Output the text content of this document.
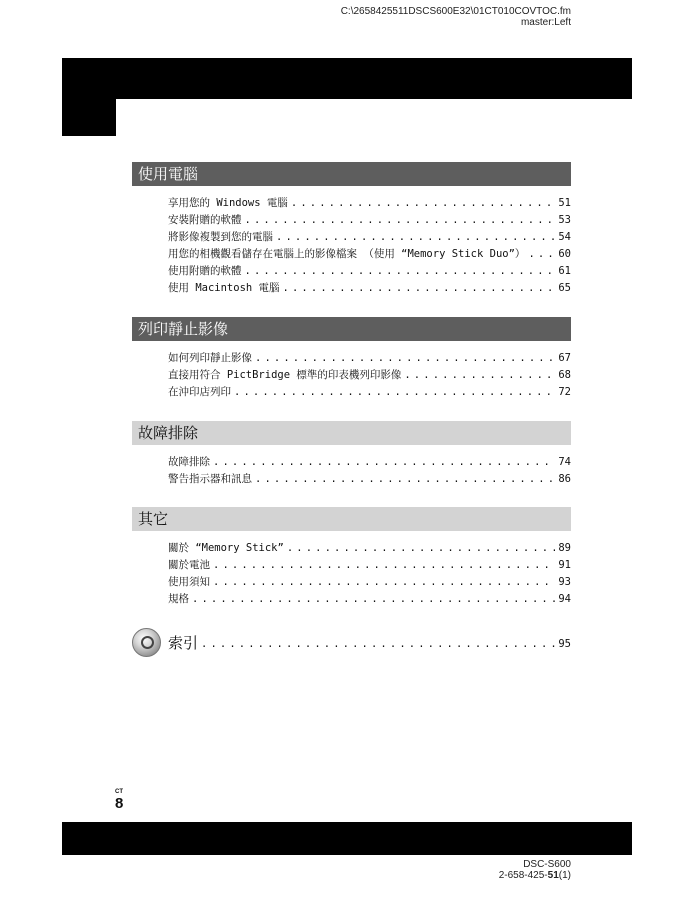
C:\2658425511DSCS600E32\01CT010COVTOC.fm
master:Left
使用電腦
享用您的 Windows 電腦 . . .	51
安裝附贈的軟體 . . .	53
將影像複製到您的電腦 . . .	54
用您的相機觀看儲存在電腦上的影像檔案 （使用 “Memory Stick Duo”） . . .	60
使用附贈的軟體 . . .	61
使用 Macintosh 電腦 . . .	65
列印靜止影像
如何列印靜止影像 . . .	67
直接用符合 PictBridge 標準的印表機列印影像 . . .	68
在沖印店列印 . . .	72
故障排除
故障排除 . . .	74
警告指示器和訊息 . . .	86
其它
關於 “Memory Stick” . . .	89
關於電池 . . .	91
使用須知 . . .	93
規格 . . .	94
索引 . . .	95
CT
8
DSC-S600
2-658-425-51(1)
